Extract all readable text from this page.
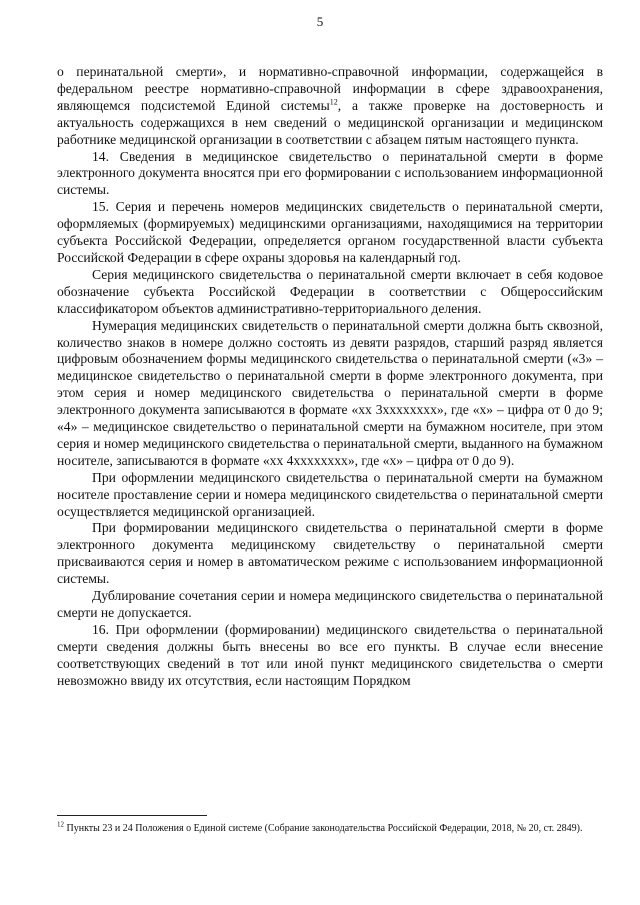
5

о перинатальной смерти», и нормативно-справочной информации, содержащейся в федеральном реестре нормативно-справочной информации в сфере здравоохранения, являющемся подсистемой Единой системы$^{12}$, а также проверке на достоверность и актуальность содержащихся в нем сведений о медицинской организации и медицинском работнике медицинской организации в соответствии с абзацем пятым настоящего пункта.

14. Сведения в медицинское свидетельство о перинатальной смерти в форме электронного документа вносятся при его формировании с использованием информационной системы.

15. Серия и перечень номеров медицинских свидетельств о перинатальной смерти, оформляемых (формируемых) медицинскими организациями, находящимися на территории субъекта Российской Федерации, определяется органом государственной власти субъекта Российской Федерации в сфере охраны здоровья на календарный год.

Серия медицинского свидетельства о перинатальной смерти включает в себя кодовое обозначение субъекта Российской Федерации в соответствии с Общероссийским классификатором объектов административно-территориального деления.

Нумерация медицинских свидетельств о перинатальной смерти должна быть сквозной, количество знаков в номере должно состоять из девяти разрядов, старший разряд является цифровым обозначением формы медицинского свидетельства о перинатальной смерти («3» – медицинское свидетельство о перинатальной смерти в форме электронного документа, при этом серия и номер медицинского свидетельства о перинатальной смерти в форме электронного документа записываются в формате «хх 3хххххххх», где «х» – цифра от 0 до 9; «4» – медицинское свидетельство о перинатальной смерти на бумажном носителе, при этом серия и номер медицинского свидетельства о перинатальной смерти, выданного на бумажном носителе, записываются в формате «хх 4хххххххх», где «х» – цифра от 0 до 9).

При оформлении медицинского свидетельства о перинатальной смерти на бумажном носителе проставление серии и номера медицинского свидетельства о перинатальной смерти осуществляется медицинской организацией.

При формировании медицинского свидетельства о перинатальной смерти в форме электронного документа медицинскому свидетельству о перинатальной смерти присваиваются серия и номер в автоматическом режиме с использованием информационной системы.

Дублирование сочетания серии и номера медицинского свидетельства о перинатальной смерти не допускается.

16. При оформлении (формировании) медицинского свидетельства о перинатальной смерти сведения должны быть внесены во все его пункты. В случае если внесение соответствующих сведений в тот или иной пункт медицинского свидетельства о смерти невозможно ввиду их отсутствия, если настоящим Порядком

$^{12}$ Пункты 23 и 24 Положения о Единой системе (Собрание законодательства Российской Федерации, 2018, № 20, ст. 2849).
